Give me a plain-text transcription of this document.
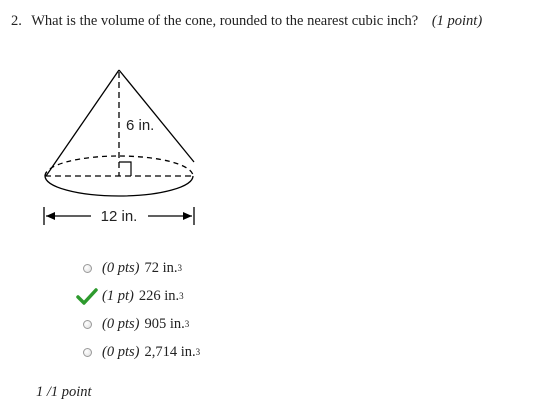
2. What is the volume of the cone, rounded to the nearest cubic inch? (1 point)
6 in.
12 in.
(0 pts) 72 in. 3
(1 pt) 226 in. 3
(0 pts) 905 in. 3
(0 pts) 2,714 in. 3
1 /1 point
